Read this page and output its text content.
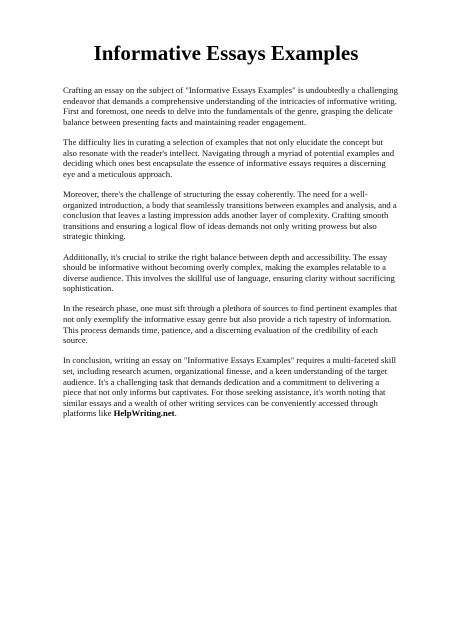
Informative Essays Examples

Crafting an essay on the subject of "Informative Essays Examples" is undoubtedly a challenging endeavor that demands a comprehensive understanding of the intricacies of informative writing. First and foremost, one needs to delve into the fundamentals of the genre, grasping the delicate balance between presenting facts and maintaining reader engagement.

The difficulty lies in curating a selection of examples that not only elucidate the concept but also resonate with the reader's intellect. Navigating through a myriad of potential examples and deciding which ones best encapsulate the essence of informative essays requires a discerning eye and a meticulous approach.

Moreover, there's the challenge of structuring the essay coherently. The need for a well-organized introduction, a body that seamlessly transitions between examples and analysis, and a conclusion that leaves a lasting impression adds another layer of complexity. Crafting smooth transitions and ensuring a logical flow of ideas demands not only writing prowess but also strategic thinking.

Additionally, it's crucial to strike the right balance between depth and accessibility. The essay should be informative without becoming overly complex, making the examples relatable to a diverse audience. This involves the skillful use of language, ensuring clarity without sacrificing sophistication.

In the research phase, one must sift through a plethora of sources to find pertinent examples that not only exemplify the informative essay genre but also provide a rich tapestry of information. This process demands time, patience, and a discerning evaluation of the credibility of each source.

In conclusion, writing an essay on "Informative Essays Examples" requires a multi-faceted skill set, including research acumen, organizational finesse, and a keen understanding of the target audience. It's a challenging task that demands dedication and a commitment to delivering a piece that not only informs but captivates. For those seeking assistance, it's worth noting that similar essays and a wealth of other writing services can be conveniently accessed through platforms like HelpWriting.net.
